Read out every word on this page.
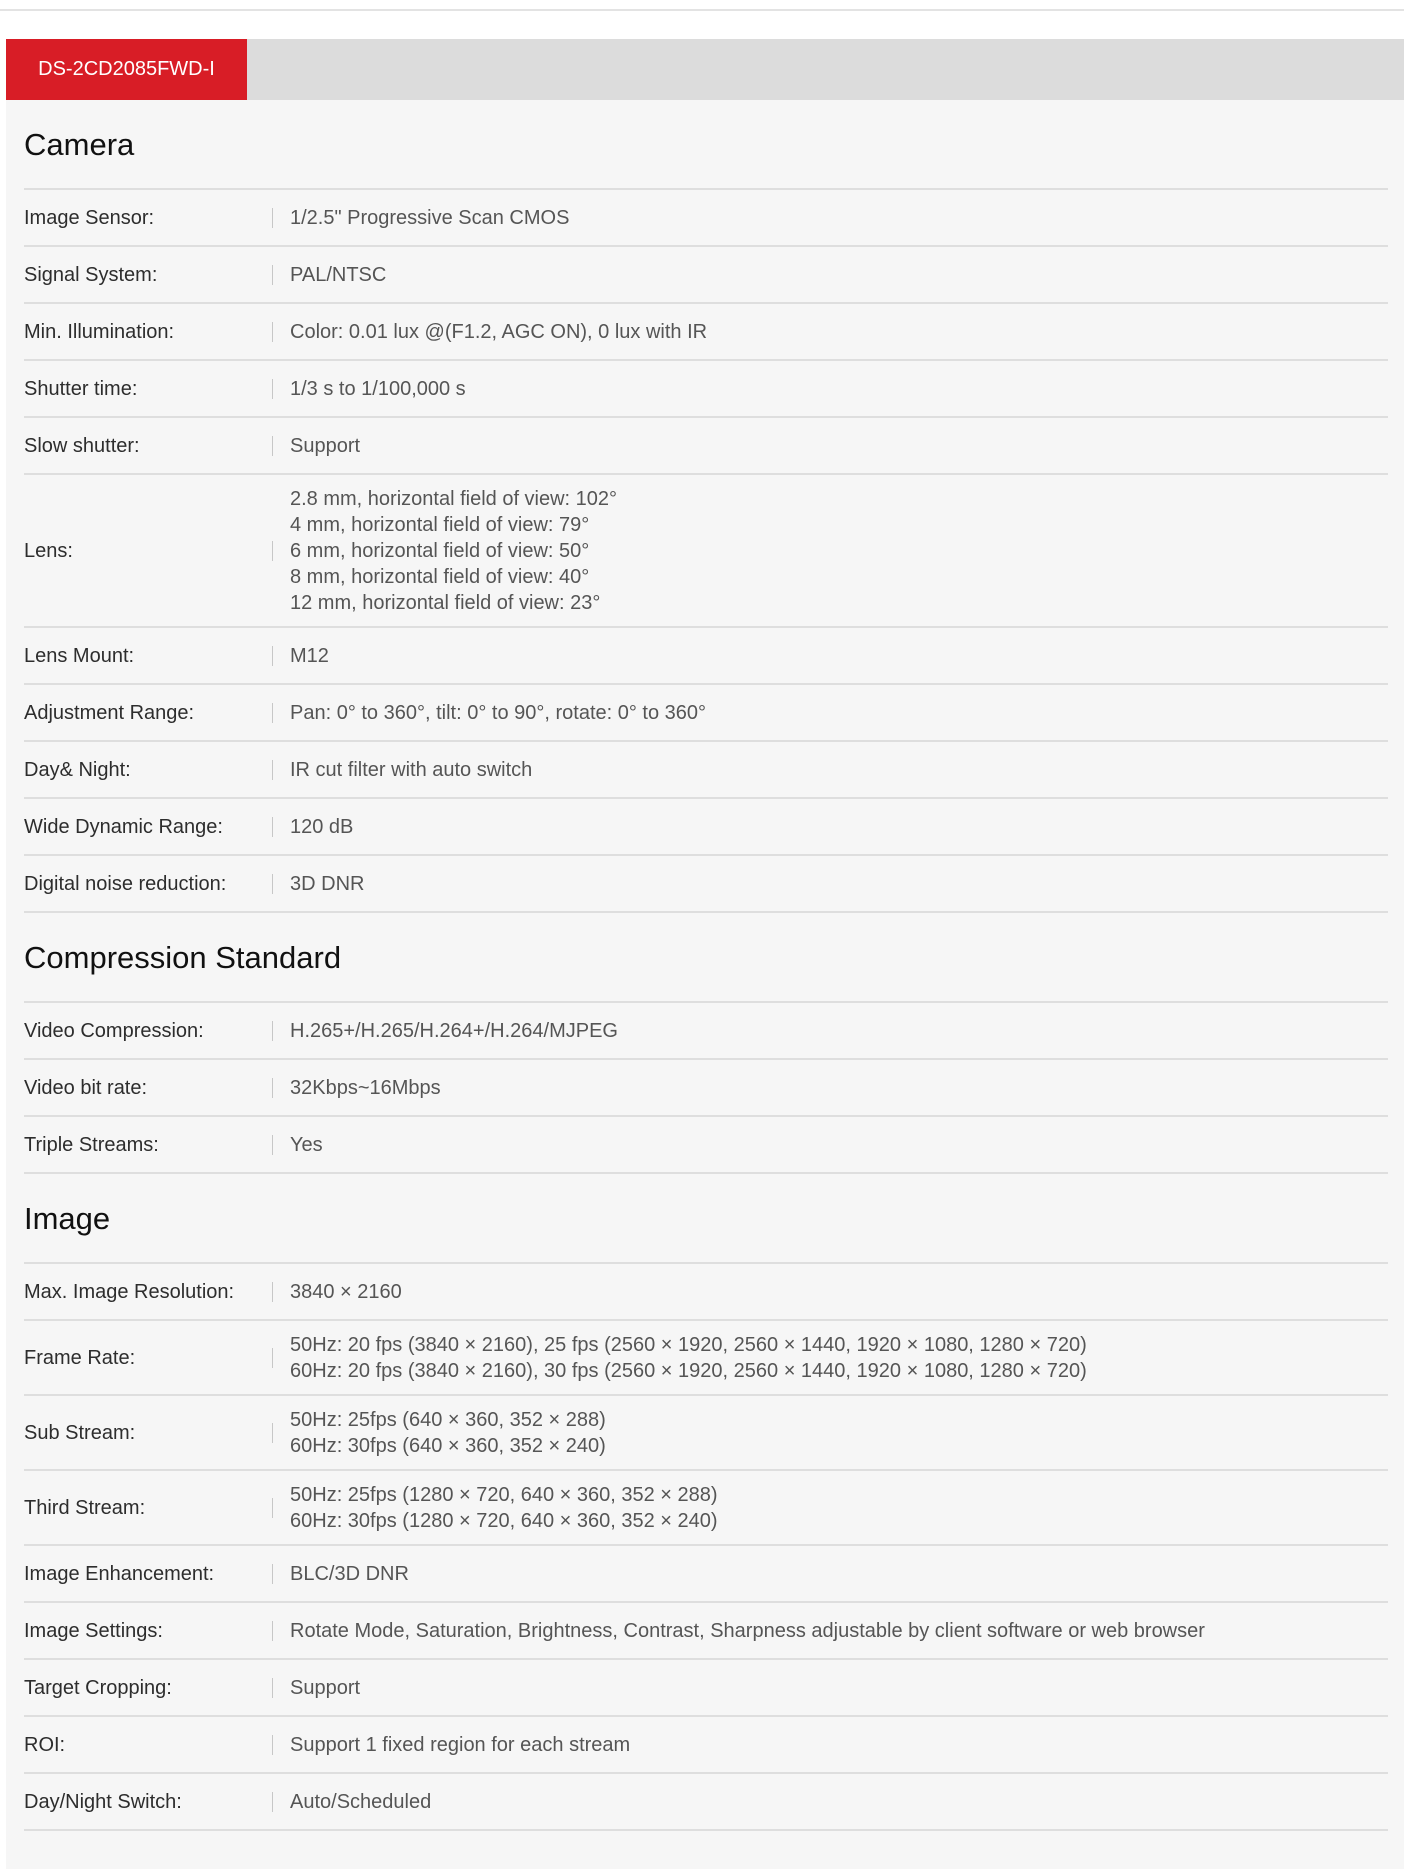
DS-2CD2085FWD-I
Camera
Image Sensor:	1/2.5" Progressive Scan CMOS
Signal System:	PAL/NTSC
Min. Illumination:	Color: 0.01 lux @(F1.2, AGC ON), 0 lux with IR
Shutter time:	1/3 s to 1/100,000 s
Slow shutter:	Support
Lens:
2.8 mm, horizontal field of view: 102°
4 mm, horizontal field of view: 79°
6 mm, horizontal field of view: 50°
8 mm, horizontal field of view: 40°
12 mm, horizontal field of view: 23°
Lens Mount:	M12
Adjustment Range:	Pan: 0° to 360°, tilt: 0° to 90°, rotate: 0° to 360°
Day& Night:	IR cut filter with auto switch
Wide Dynamic Range:	120 dB
Digital noise reduction:	3D DNR
Compression Standard
Video Compression:	H.265+/H.265/H.264+/H.264/MJPEG
Video bit rate:	32Kbps~16Mbps
Triple Streams:	Yes
Image
Max. Image Resolution:	3840 × 2160
Frame Rate:
50Hz: 20 fps (3840 × 2160), 25 fps (2560 × 1920, 2560 × 1440, 1920 × 1080, 1280 × 720)
60Hz: 20 fps (3840 × 2160), 30 fps (2560 × 1920, 2560 × 1440, 1920 × 1080, 1280 × 720)
Sub Stream:
50Hz: 25fps (640 × 360, 352 × 288)
60Hz: 30fps (640 × 360, 352 × 240)
Third Stream:
50Hz: 25fps (1280 × 720, 640 × 360, 352 × 288)
60Hz: 30fps (1280 × 720, 640 × 360, 352 × 240)
Image Enhancement:	BLC/3D DNR
Image Settings:	Rotate Mode, Saturation, Brightness, Contrast, Sharpness adjustable by client software or web browser
Target Cropping:	Support
ROI:	Support 1 fixed region for each stream
Day/Night Switch:	Auto/Scheduled
